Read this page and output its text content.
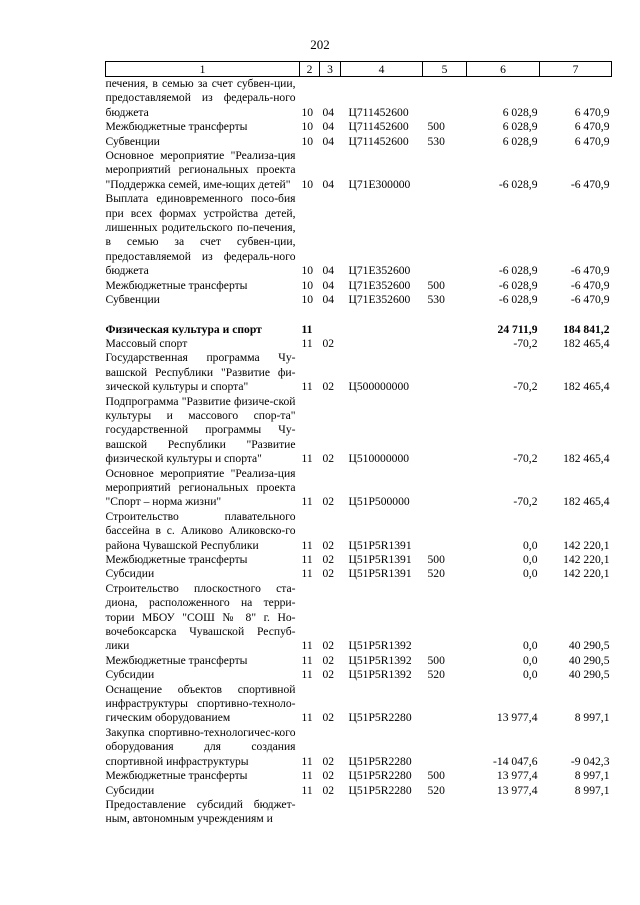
202
1	2	3	4	5	6	7
печения, в семью за счет субвен-ции, предоставляемой из федераль-ного бюджета	10	04	Ц711452600		6 028,9	6 470,9
Межбюджетные трансферты	10	04	Ц711452600	500	6 028,9	6 470,9
Субвенции	10	04	Ц711452600	530	6 028,9	6 470,9
Основное мероприятие "Реализа-ция мероприятий региональных проекта "Поддержка семей, име-ющих детей"	10	04	Ц71Е300000		-6 028,9	-6 470,9
Выплата единовременного посо-бия при всех формах устройства детей, лишенных родительского по-печения, в семью за счет субвен-ции, предоставляемой из федераль-ного бюджета	10	04	Ц71Е352600		-6 028,9	-6 470,9
Межбюджетные трансферты	10	04	Ц71Е352600	500	-6 028,9	-6 470,9
Субвенции	10	04	Ц71Е352600	530	-6 028,9	-6 470,9

Физическая культура и спорт	11				24 711,9	184 841,2
Массовый спорт	11	02			-70,2	182 465,4
Государственная программа Чу-вашской Республики "Развитие фи-зической культуры и спорта"	11	02	Ц500000000		-70,2	182 465,4
Подпрограмма "Развитие физиче-ской культуры и массового спор-та" государственной программы Чу-вашской Республики "Развитие физической культуры и спорта"	11	02	Ц510000000		-70,2	182 465,4
Основное мероприятие "Реализа-ция мероприятий региональных проекта "Спорт – норма жизни"	11	02	Ц51Р500000		-70,2	182 465,4
Строительство плавательного бассейна в с. Аликово Аликовско-го района Чувашской Республики	11	02	Ц51Р5R1391		0,0	142 220,1
Межбюджетные трансферты	11	02	Ц51Р5R1391	500	0,0	142 220,1
Субсидии	11	02	Ц51Р5R1391	520	0,0	142 220,1
Строительство плоскостного ста-диона, расположенного на терри-тории МБОУ "СОШ № 8" г. Но-вочебоксарска Чувашской Респуб-лики	11	02	Ц51Р5R1392		0,0	40 290,5
Межбюджетные трансферты	11	02	Ц51Р5R1392	500	0,0	40 290,5
Субсидии	11	02	Ц51Р5R1392	520	0,0	40 290,5
Оснащение объектов спортивной инфраструктуры спортивно-техноло-гическим оборудованием	11	02	Ц51Р5R2280		13 977,4	8 997,1
Закупка спортивно-технологичес-кого оборудования для создания спортивной инфраструктуры	11	02	Ц51Р5R2280		-14 047,6	-9 042,3
Межбюджетные трансферты	11	02	Ц51Р5R2280	500	13 977,4	8 997,1
Субсидии	11	02	Ц51Р5R2280	520	13 977,4	8 997,1
Предоставление субсидий бюджет-ным, автономным учреждениям и						
